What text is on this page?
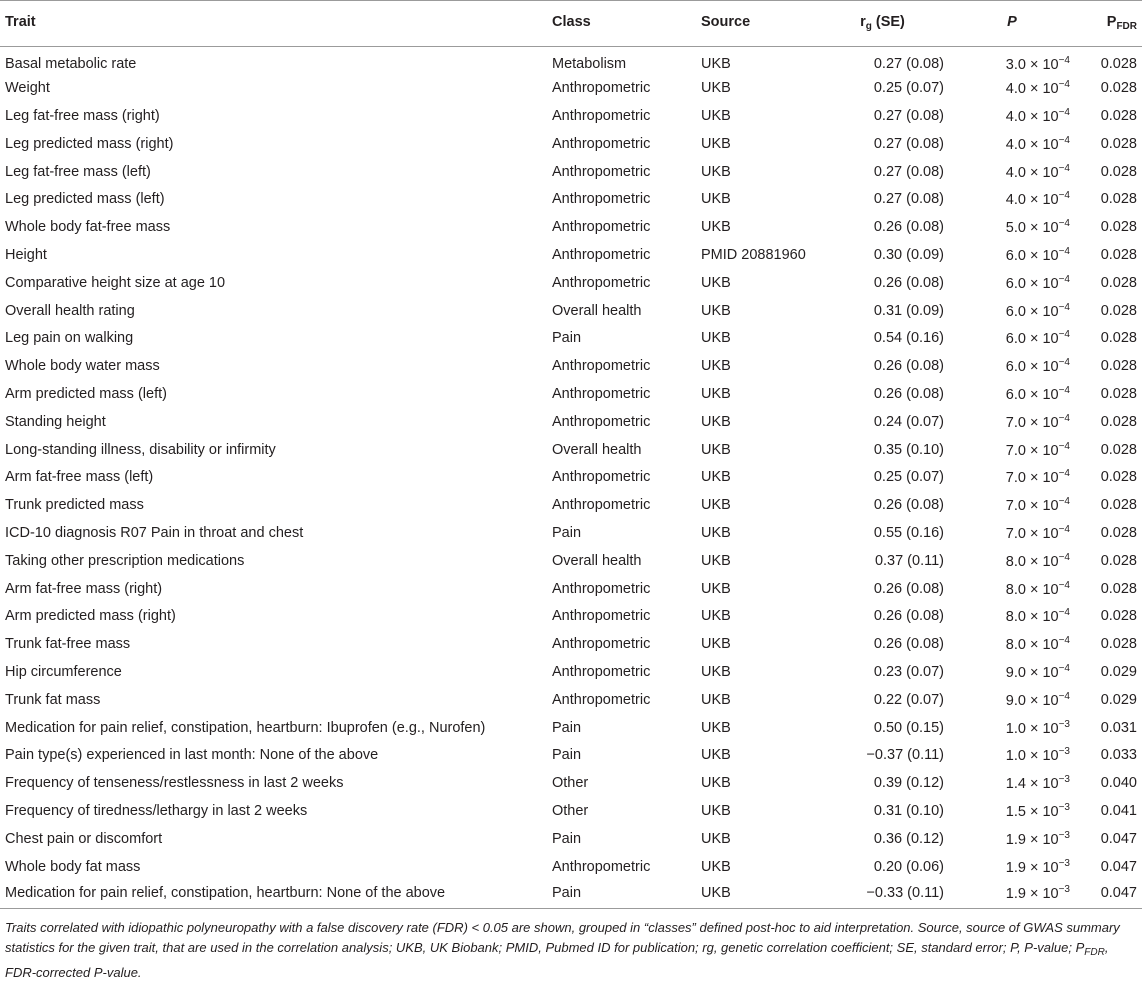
Trait	Class	Source	$r_g$ (SE)	P	$P_{FDR}$
Basal metabolic rate	Metabolism	UKB	0.27 (0.08)	$3.0 \times 10^{-4}$	0.028
Weight	Anthropometric	UKB	0.25 (0.07)	$4.0 \times 10^{-4}$	0.028
Leg fat-free mass (right)	Anthropometric	UKB	0.27 (0.08)	$4.0 \times 10^{-4}$	0.028
Leg predicted mass (right)	Anthropometric	UKB	0.27 (0.08)	$4.0 \times 10^{-4}$	0.028
Leg fat-free mass (left)	Anthropometric	UKB	0.27 (0.08)	$4.0 \times 10^{-4}$	0.028
Leg predicted mass (left)	Anthropometric	UKB	0.27 (0.08)	$4.0 \times 10^{-4}$	0.028
Whole body fat-free mass	Anthropometric	UKB	0.26 (0.08)	$5.0 \times 10^{-4}$	0.028
Height	Anthropometric	PMID 20881960	0.30 (0.09)	$6.0 \times 10^{-4}$	0.028
Comparative height size at age 10	Anthropometric	UKB	0.26 (0.08)	$6.0 \times 10^{-4}$	0.028
Overall health rating	Overall health	UKB	0.31 (0.09)	$6.0 \times 10^{-4}$	0.028
Leg pain on walking	Pain	UKB	0.54 (0.16)	$6.0 \times 10^{-4}$	0.028
Whole body water mass	Anthropometric	UKB	0.26 (0.08)	$6.0 \times 10^{-4}$	0.028
Arm predicted mass (left)	Anthropometric	UKB	0.26 (0.08)	$6.0 \times 10^{-4}$	0.028
Standing height	Anthropometric	UKB	0.24 (0.07)	$7.0 \times 10^{-4}$	0.028
Long-standing illness, disability or infirmity	Overall health	UKB	0.35 (0.10)	$7.0 \times 10^{-4}$	0.028
Arm fat-free mass (left)	Anthropometric	UKB	0.25 (0.07)	$7.0 \times 10^{-4}$	0.028
Trunk predicted mass	Anthropometric	UKB	0.26 (0.08)	$7.0 \times 10^{-4}$	0.028
ICD-10 diagnosis R07 Pain in throat and chest	Pain	UKB	0.55 (0.16)	$7.0 \times 10^{-4}$	0.028
Taking other prescription medications	Overall health	UKB	0.37 (0.11)	$8.0 \times 10^{-4}$	0.028
Arm fat-free mass (right)	Anthropometric	UKB	0.26 (0.08)	$8.0 \times 10^{-4}$	0.028
Arm predicted mass (right)	Anthropometric	UKB	0.26 (0.08)	$8.0 \times 10^{-4}$	0.028
Trunk fat-free mass	Anthropometric	UKB	0.26 (0.08)	$8.0 \times 10^{-4}$	0.028
Hip circumference	Anthropometric	UKB	0.23 (0.07)	$9.0 \times 10^{-4}$	0.029
Trunk fat mass	Anthropometric	UKB	0.22 (0.07)	$9.0 \times 10^{-4}$	0.029
Medication for pain relief, constipation, heartburn: Ibuprofen (e.g., Nurofen)	Pain	UKB	0.50 (0.15)	$1.0 \times 10^{-3}$	0.031
Pain type(s) experienced in last month: None of the above	Pain	UKB	−0.37 (0.11)	$1.0 \times 10^{-3}$	0.033
Frequency of tenseness/restlessness in last 2 weeks	Other	UKB	0.39 (0.12)	$1.4 \times 10^{-3}$	0.040
Frequency of tiredness/lethargy in last 2 weeks	Other	UKB	0.31 (0.10)	$1.5 \times 10^{-3}$	0.041
Chest pain or discomfort	Pain	UKB	0.36 (0.12)	$1.9 \times 10^{-3}$	0.047
Whole body fat mass	Anthropometric	UKB	0.20 (0.06)	$1.9 \times 10^{-3}$	0.047
Medication for pain relief, constipation, heartburn: None of the above	Pain	UKB	−0.33 (0.11)	$1.9 \times 10^{-3}$	0.047
Traits correlated with idiopathic polyneuropathy with a false discovery rate (FDR) < 0.05 are shown, grouped in “classes” defined post-hoc to aid interpretation. Source, source of GWAS summary statistics for the given trait, that are used in the correlation analysis; UKB, UK Biobank; PMID, Pubmed ID for publication; rg, genetic correlation coefficient; SE, standard error; P, P-value; $P_{FDR}$, FDR-corrected P-value.
